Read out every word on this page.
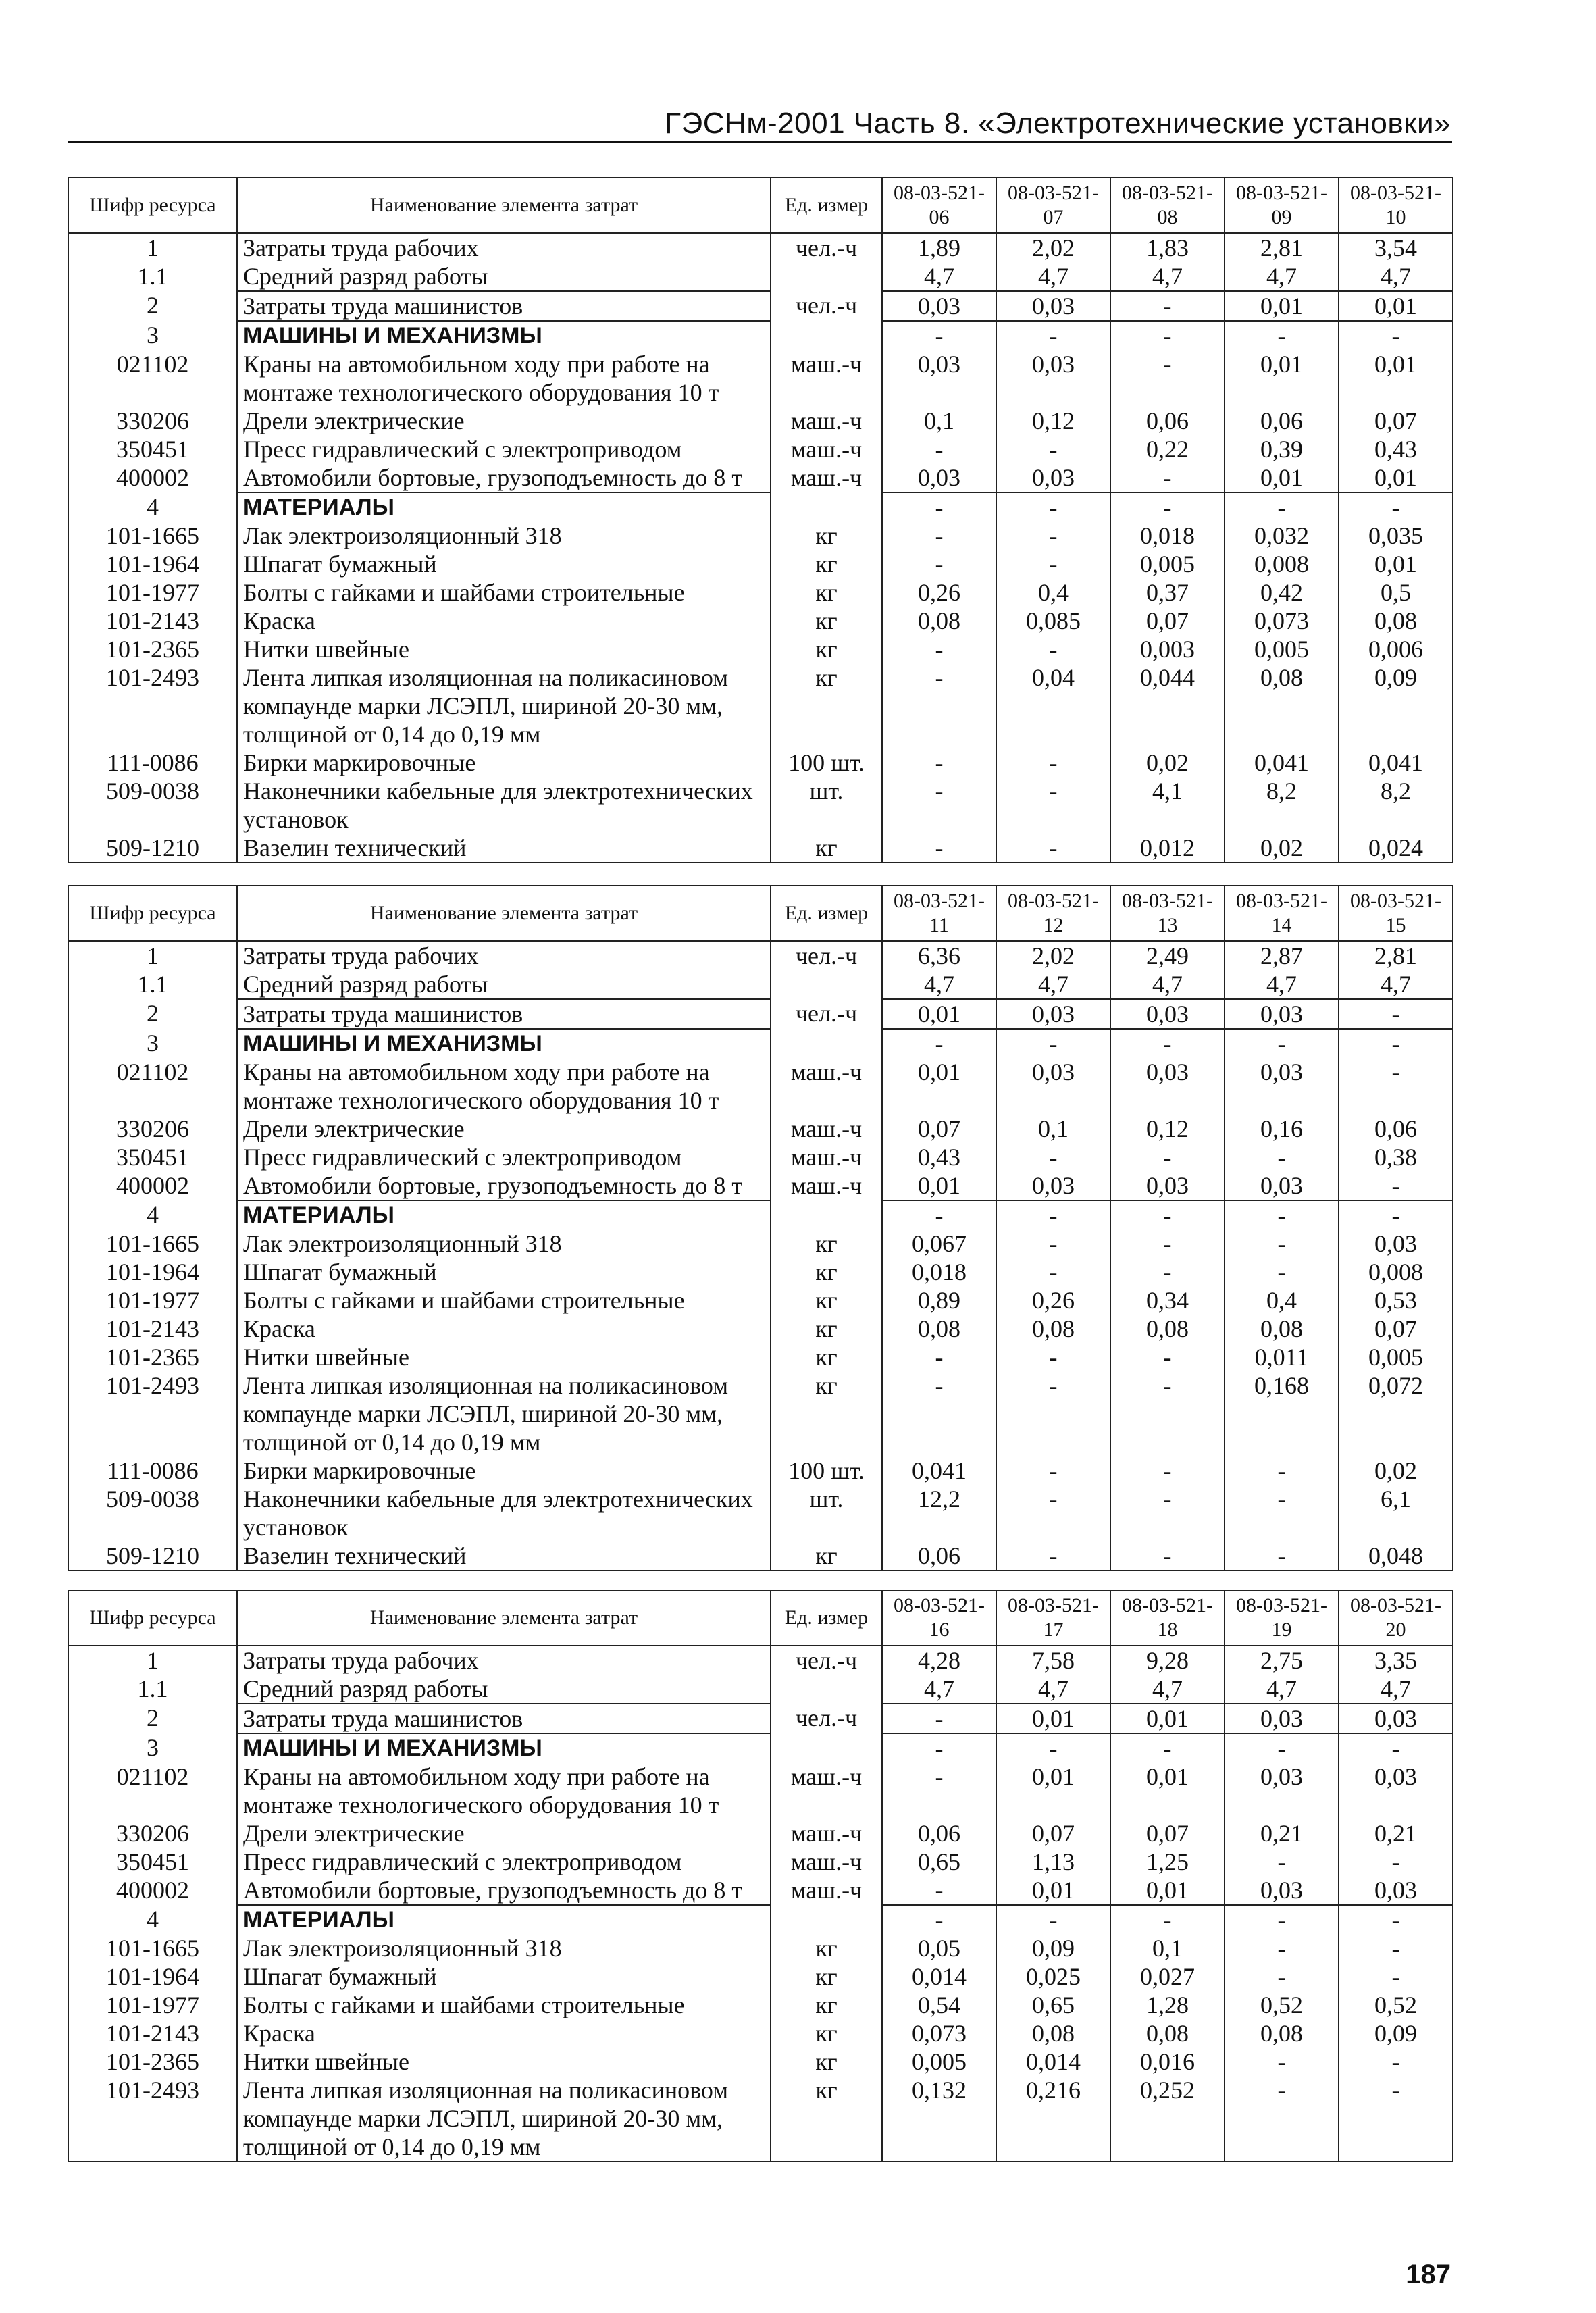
ГЭСНм-2001 Часть 8. «Электротехнические установки»
Шифр ресурса	Наименование элемента затрат	Ед. измер	08-03-521-06	08-03-521-07	08-03-521-08	08-03-521-09	08-03-521-10
1	Затраты труда рабочих	чел.-ч	1,89	2,02	1,83	2,81	3,54
1.1	Средний разряд работы		4,7	4,7	4,7	4,7	4,7
2	Затраты труда машинистов	чел.-ч	0,03	0,03	-	0,01	0,01
3	МАШИНЫ И МЕХАНИЗМЫ		-	-	-	-	-
021102	Краны на автомобильном ходу при работе на монтаже технологического оборудования 10 т	маш.-ч	0,03	0,03	-	0,01	0,01
330206	Дрели электрические	маш.-ч	0,1	0,12	0,06	0,06	0,07
350451	Пресс гидравлический с электроприводом	маш.-ч	-	-	0,22	0,39	0,43
400002	Автомобили бортовые, грузоподъемность до 8 т	маш.-ч	0,03	0,03	-	0,01	0,01
4	МАТЕРИАЛЫ		-	-	-	-	-
101-1665	Лак электроизоляционный 318	кг	-	-	0,018	0,032	0,035
101-1964	Шпагат бумажный	кг	-	-	0,005	0,008	0,01
101-1977	Болты с гайками и шайбами строительные	кг	0,26	0,4	0,37	0,42	0,5
101-2143	Краска	кг	0,08	0,085	0,07	0,073	0,08
101-2365	Нитки швейные	кг	-	-	0,003	0,005	0,006
101-2493	Лента липкая изоляционная на поликасиновом компаунде марки ЛСЭПЛ, шириной 20-30 мм, толщиной от 0,14 до 0,19 мм	кг	-	0,04	0,044	0,08	0,09
111-0086	Бирки маркировочные	100 шт.	-	-	0,02	0,041	0,041
509-0038	Наконечники кабельные для электротехнических установок	шт.	-	-	4,1	8,2	8,2
509-1210	Вазелин технический	кг	-	-	0,012	0,02	0,024
Шифр ресурса	Наименование элемента затрат	Ед. измер	08-03-521-11	08-03-521-12	08-03-521-13	08-03-521-14	08-03-521-15
1	Затраты труда рабочих	чел.-ч	6,36	2,02	2,49	2,87	2,81
1.1	Средний разряд работы		4,7	4,7	4,7	4,7	4,7
2	Затраты труда машинистов	чел.-ч	0,01	0,03	0,03	0,03	-
3	МАШИНЫ И МЕХАНИЗМЫ		-	-	-	-	-
021102	Краны на автомобильном ходу при работе на монтаже технологического оборудования 10 т	маш.-ч	0,01	0,03	0,03	0,03	-
330206	Дрели электрические	маш.-ч	0,07	0,1	0,12	0,16	0,06
350451	Пресс гидравлический с электроприводом	маш.-ч	0,43	-	-	-	0,38
400002	Автомобили бортовые, грузоподъемность до 8 т	маш.-ч	0,01	0,03	0,03	0,03	-
4	МАТЕРИАЛЫ		-	-	-	-	-
101-1665	Лак электроизоляционный 318	кг	0,067	-	-	-	0,03
101-1964	Шпагат бумажный	кг	0,018	-	-	-	0,008
101-1977	Болты с гайками и шайбами строительные	кг	0,89	0,26	0,34	0,4	0,53
101-2143	Краска	кг	0,08	0,08	0,08	0,08	0,07
101-2365	Нитки швейные	кг	-	-	-	0,011	0,005
101-2493	Лента липкая изоляционная на поликасиновом компаунде марки ЛСЭПЛ, шириной 20-30 мм, толщиной от 0,14 до 0,19 мм	кг	-	-	-	0,168	0,072
111-0086	Бирки маркировочные	100 шт.	0,041	-	-	-	0,02
509-0038	Наконечники кабельные для электротехнических установок	шт.	12,2	-	-	-	6,1
509-1210	Вазелин технический	кг	0,06	-	-	-	0,048
Шифр ресурса	Наименование элемента затрат	Ед. измер	08-03-521-16	08-03-521-17	08-03-521-18	08-03-521-19	08-03-521-20
1	Затраты труда рабочих	чел.-ч	4,28	7,58	9,28	2,75	3,35
1.1	Средний разряд работы		4,7	4,7	4,7	4,7	4,7
2	Затраты труда машинистов	чел.-ч	-	0,01	0,01	0,03	0,03
3	МАШИНЫ И МЕХАНИЗМЫ		-	-	-	-	-
021102	Краны на автомобильном ходу при работе на монтаже технологического оборудования 10 т	маш.-ч	-	0,01	0,01	0,03	0,03
330206	Дрели электрические	маш.-ч	0,06	0,07	0,07	0,21	0,21
350451	Пресс гидравлический с электроприводом	маш.-ч	0,65	1,13	1,25	-	-
400002	Автомобили бортовые, грузоподъемность до 8 т	маш.-ч	-	0,01	0,01	0,03	0,03
4	МАТЕРИАЛЫ		-	-	-	-	-
101-1665	Лак электроизоляционный 318	кг	0,05	0,09	0,1	-	-
101-1964	Шпагат бумажный	кг	0,014	0,025	0,027	-	-
101-1977	Болты с гайками и шайбами строительные	кг	0,54	0,65	1,28	0,52	0,52
101-2143	Краска	кг	0,073	0,08	0,08	0,08	0,09
101-2365	Нитки швейные	кг	0,005	0,014	0,016	-	-
101-2493	Лента липкая изоляционная на поликасиновом компаунде марки ЛСЭПЛ, шириной 20-30 мм, толщиной от 0,14 до 0,19 мм	кг	0,132	0,216	0,252	-	-
187
